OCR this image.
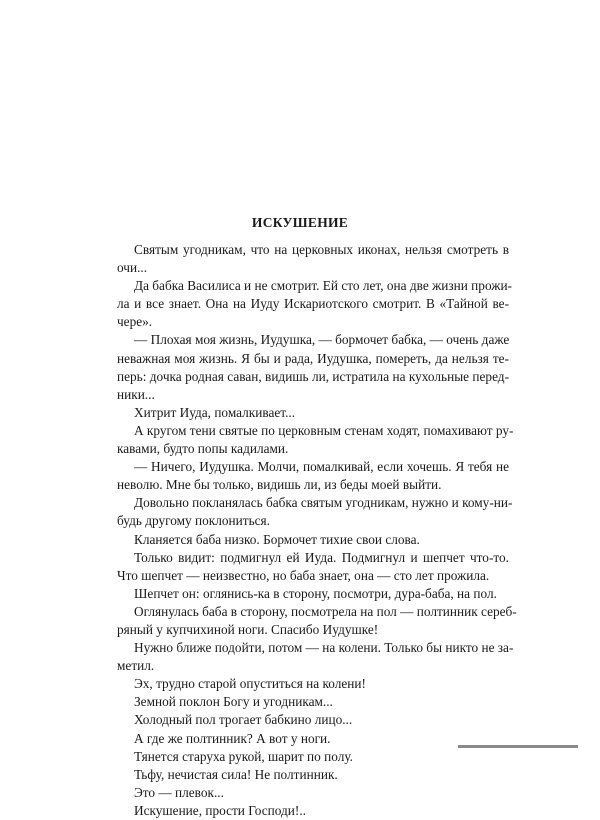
ИСКУШЕНИЕ
Святым угодникам, что на церковных иконах, нельзя смотреть в
очи...
Да бабка Василиса и не смотрит. Ей сто лет, она две жизни прожи-
ла и все знает. Она на Иуду Искариотского смотрит. В «Тайной ве-
чере».
— Плохая моя жизнь, Иудушка, — бормочет бабка, — очень даже
неважная моя жизнь. Я бы и рада, Иудушка, помереть, да нельзя те-
перь: дочка родная саван, видишь ли, истратила на кухольные перед-
ники...
Хитрит Иуда, помалкивает...
А кругом тени святые по церковным стенам ходят, помахивают ру-
кавами, будто попы кадилами.
— Ничего, Иудушка. Молчи, помалкивай, если хочешь. Я тебя не
неволю. Мне бы только, видишь ли, из беды моей выйти.
Довольно покланялась бабка святым угодникам, нужно и кому-ни-
будь другому поклониться.
Кланяется баба низко. Бормочет тихие свои слова.
Только видит: подмигнул ей Иуда. Подмигнул и шепчет что-то.
Что шепчет — неизвестно, но баба знает, она — сто лет прожила.
Шепчет он: оглянись-ка в сторону, посмотри, дура-баба, на пол.
Оглянулась баба в сторону, посмотрела на пол — полтинник сереб-
ряный у купчихиной ноги. Спасибо Иудушке!
Нужно ближе подойти, потом — на колени. Только бы никто не за-
метил.
Эх, трудно старой опуститься на колени!
Земной поклон Богу и угодникам...
Холодный пол трогает бабкино лицо...
А где же полтинник? А вот у ноги.
Тянется старуха рукой, шарит по полу.
Тьфу, нечистая сила! Не полтинник.
Это — плевок...
Искушение, прости Господи!..
